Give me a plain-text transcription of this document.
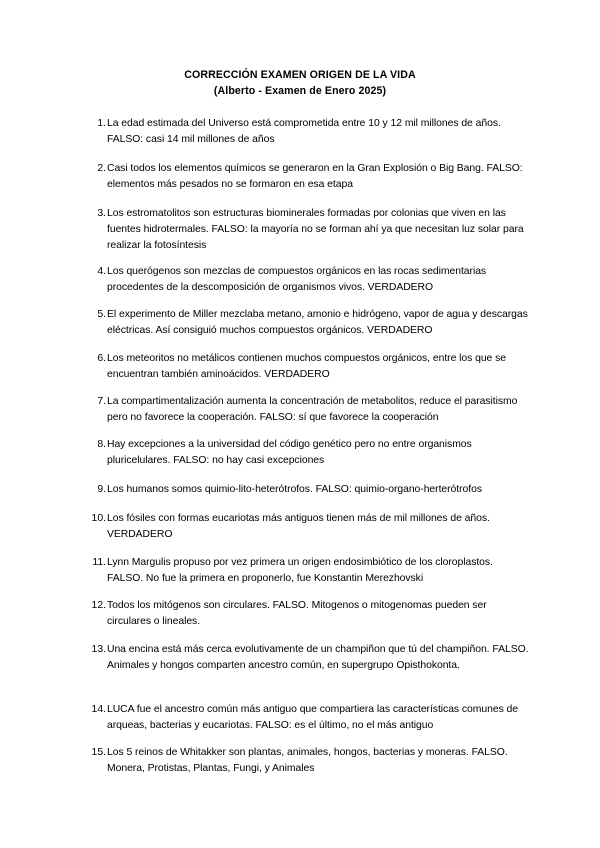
CORRECCIÓN EXAMEN ORIGEN DE LA VIDA
(Alberto - Examen de Enero 2025)
1. La edad estimada del Universo está comprometida entre 10 y 12 mil millones de años. FALSO: casi 14 mil millones de años
2. Casi todos los elementos químicos se generaron en la Gran Explosión o Big Bang. FALSO: elementos más pesados no se formaron en esa etapa
3. Los estromatolitos son estructuras biominerales formadas por colonias que viven en las fuentes hidrotermales. FALSO: la mayoría no se forman ahí ya que necesitan luz solar para realizar la fotosíntesis
4. Los querógenos son mezclas de compuestos orgánicos en las rocas sedimentarias procedentes de la descomposición de organismos vivos. VERDADERO
5. El experimento de Miller mezclaba metano, amonio e hidrógeno, vapor de agua y descargas eléctricas. Así consiguió muchos compuestos orgánicos. VERDADERO
6. Los meteoritos no metálicos contienen muchos compuestos orgánicos, entre los que se encuentran también aminoácidos. VERDADERO
7. La compartimentalización aumenta la concentración de metabolitos, reduce el parasitismo pero no favorece la cooperación. FALSO: sí que favorece la cooperación
8. Hay excepciones a la universidad del código genético pero no entre organismos pluricelulares. FALSO: no hay casi excepciones
9. Los humanos somos quimio-lito-heterótrofos. FALSO: quimio-organo-herterótrofos
10. Los fósiles con formas eucariotas más antiguos tienen más de mil millones de años. VERDADERO
11. Lynn Margulis propuso por vez primera un origen endosimbiótico de los cloroplastos. FALSO. No fue la primera en proponerlo, fue Konstantin Merezhovski
12. Todos los mitógenos son circulares. FALSO. Mitogenos o mitogenomas pueden ser circulares o lineales.
13. Una encina está más cerca evolutivamente de un champiñon que tú del champiñon. FALSO. Animales y hongos comparten ancestro común, en supergrupo Opisthokonta.
14. LUCA fue el ancestro común más antiguo que compartiera las características comunes de arqueas, bacterias y eucariotas. FALSO: es el último, no el más antiguo
15. Los 5 reinos de Whitakker son plantas, animales, hongos, bacterias y moneras. FALSO. Monera, Protistas, Plantas, Fungi, y Animales
